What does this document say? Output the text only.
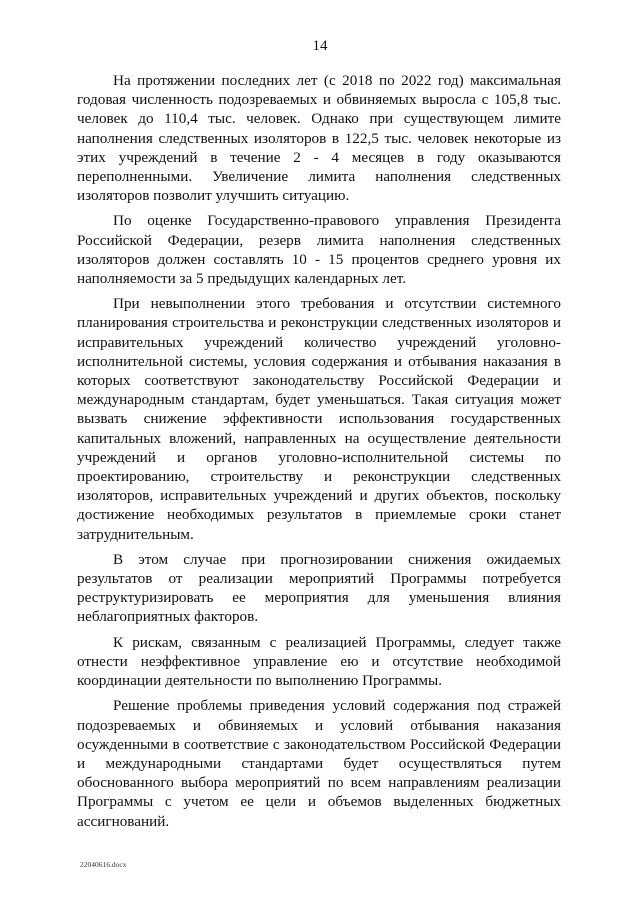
14

На протяжении последних лет (с 2018 по 2022 год) максимальная годовая численность подозреваемых и обвиняемых выросла с 105,8 тыс. человек до 110,4 тыс. человек. Однако при существующем лимите наполнения следственных изоляторов в 122,5 тыс. человек некоторые из этих учреждений в течение 2 - 4 месяцев в году оказываются переполненными. Увеличение лимита наполнения следственных изоляторов позволит улучшить ситуацию.

По оценке Государственно-правового управления Президента Российской Федерации, резерв лимита наполнения следственных изоляторов должен составлять 10 - 15 процентов среднего уровня их наполняемости за 5 предыдущих календарных лет.

При невыполнении этого требования и отсутствии системного планирования строительства и реконструкции следственных изоляторов и исправительных учреждений количество учреждений уголовно-исполнительной системы, условия содержания и отбывания наказания в которых соответствуют законодательству Российской Федерации и международным стандартам, будет уменьшаться. Такая ситуация может вызвать снижение эффективности использования государственных капитальных вложений, направленных на осуществление деятельности учреждений и органов уголовно-исполнительной системы по проектированию, строительству и реконструкции следственных изоляторов, исправительных учреждений и других объектов, поскольку достижение необходимых результатов в приемлемые сроки станет затруднительным.

В этом случае при прогнозировании снижения ожидаемых результатов от реализации мероприятий Программы потребуется реструктуризировать ее мероприятия для уменьшения влияния неблагоприятных факторов.

К рискам, связанным с реализацией Программы, следует также отнести неэффективное управление ею и отсутствие необходимой координации деятельности по выполнению Программы.

Решение проблемы приведения условий содержания под стражей подозреваемых и обвиняемых и условий отбывания наказания осужденными в соответствие с законодательством Российской Федерации и международными стандартами будет осуществляться путем обоснованного выбора мероприятий по всем направлениям реализации Программы с учетом ее цели и объемов выделенных бюджетных ассигнований.

22040616.docx
